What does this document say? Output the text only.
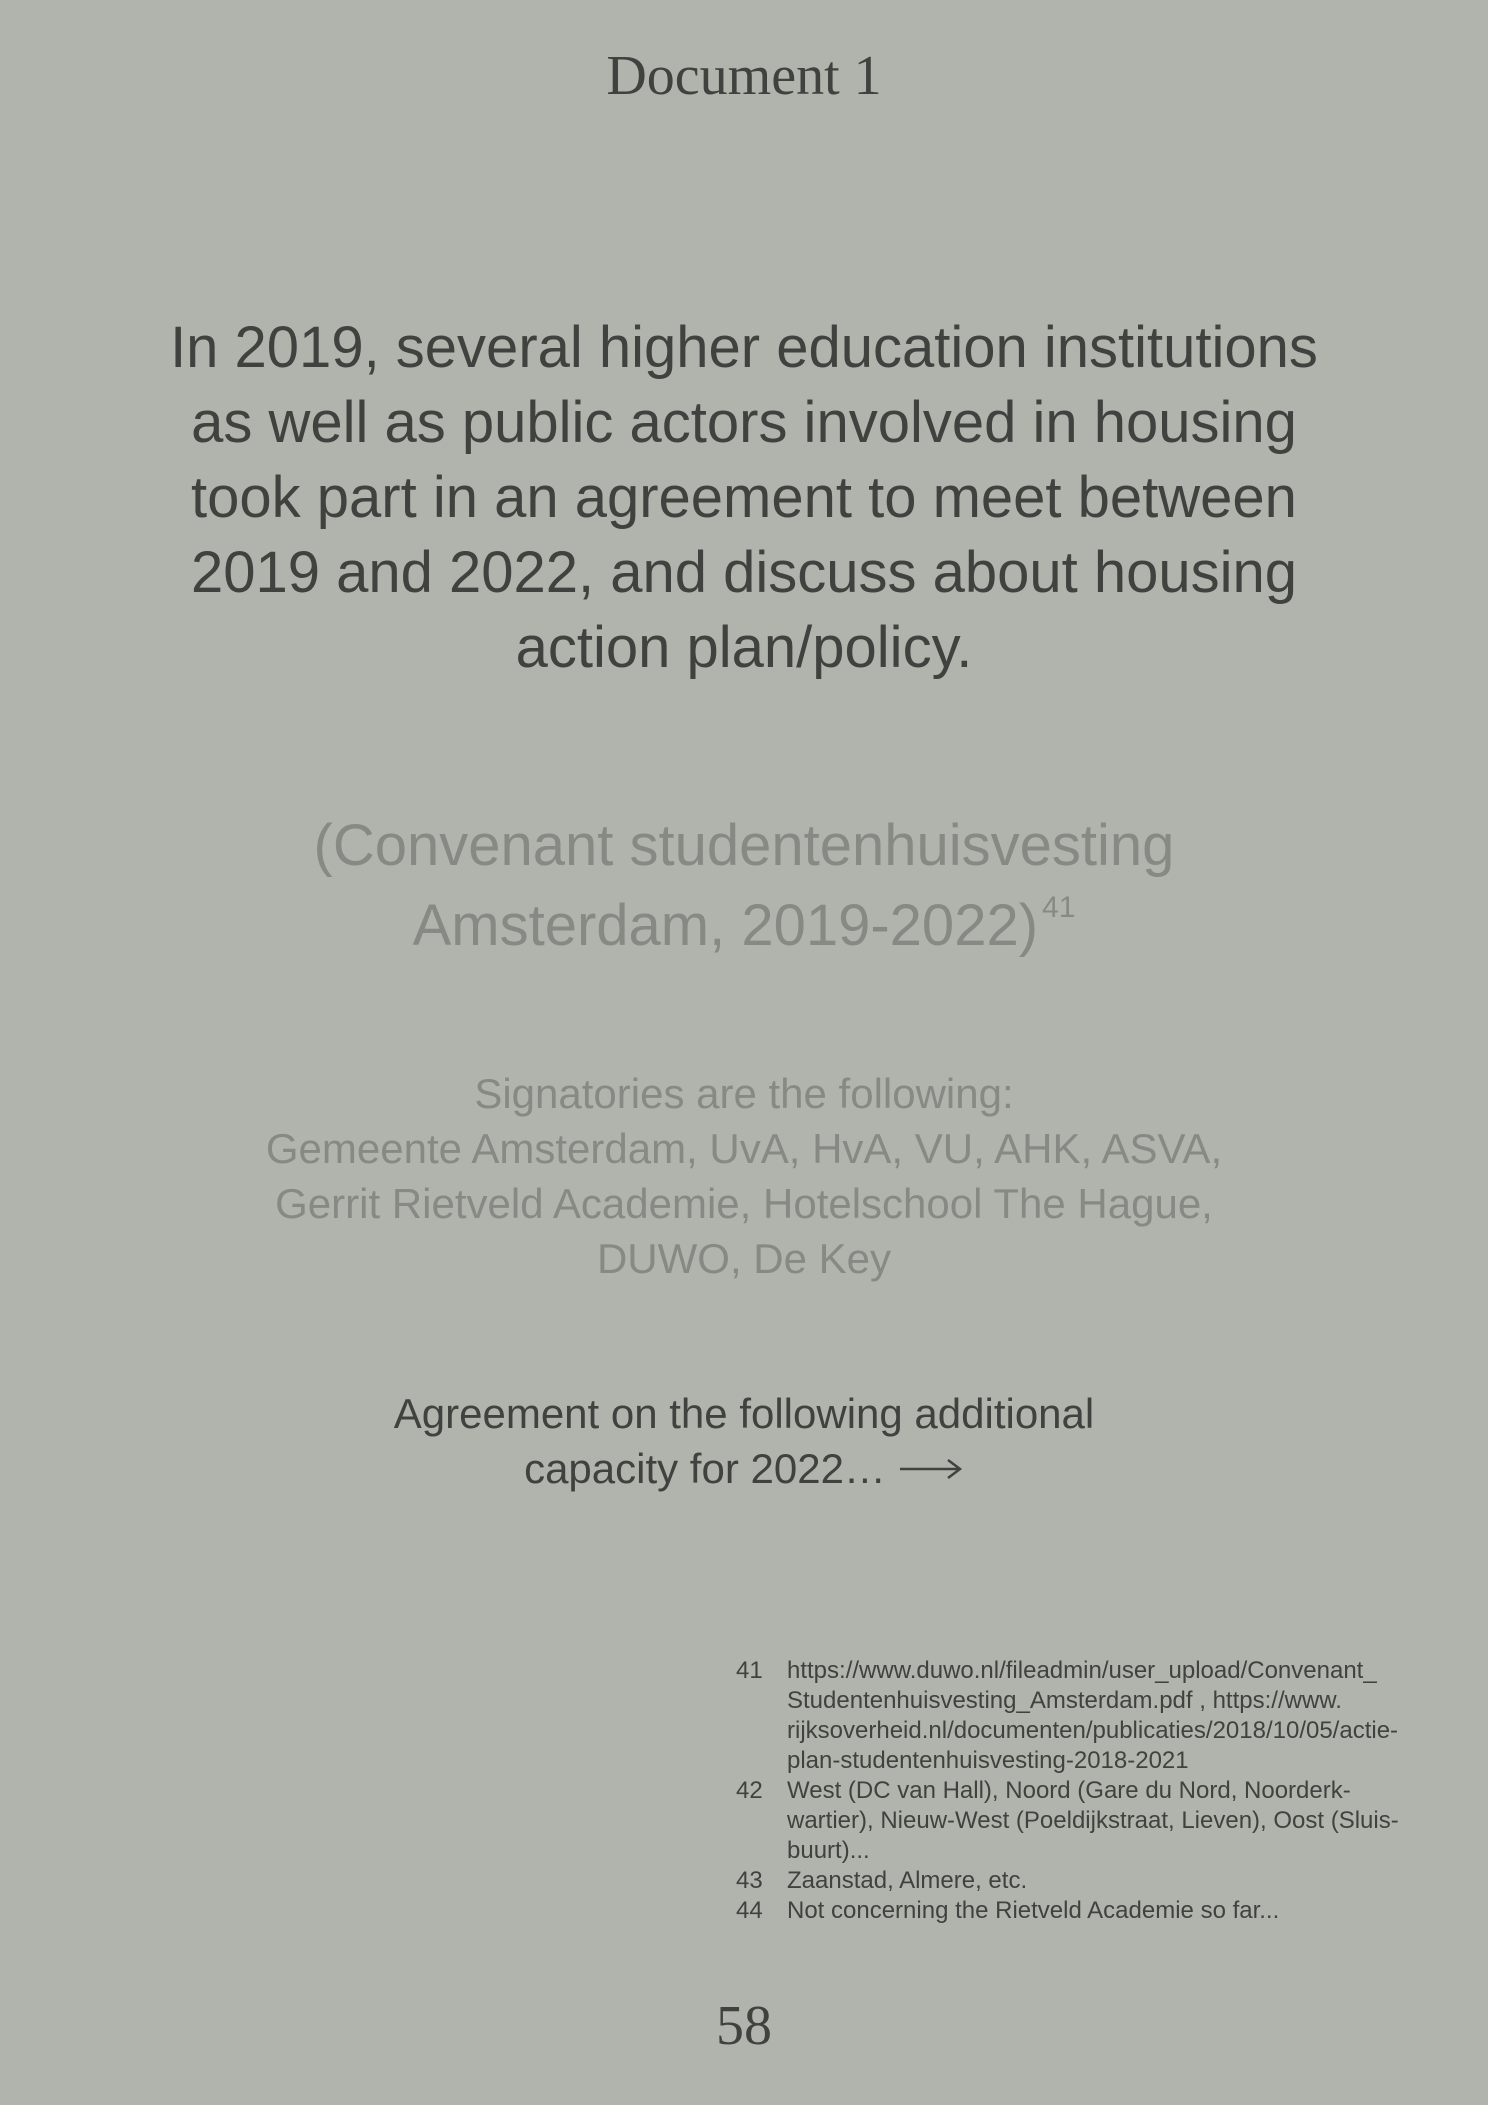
Document 1
In 2019, several higher education institutions
as well as public actors involved in housing
took part in an agreement to meet between
2019 and 2022, and discuss about housing
action plan/policy.
(Convenant studentenhuisvesting
Amsterdam, 2019-2022) $^{41}$
Signatories are the following:
Gemeente Amsterdam, UvA, HvA, VU, AHK, ASVA,
Gerrit Rietveld Academie, Hotelschool The Hague,
DUWO, De Key
Agreement on the following additional
capacity for 2022…
41	https://www.duwo.nl/fileadmin/user_upload/Convenant_
Studentenhuisvesting_Amsterdam.pdf , https://www.
rijksoverheid.nl/documenten/publicaties/2018/10/05/actie-
plan-studentenhuisvesting-2018-2021
42	West (DC van Hall), Noord (Gare du Nord, Noorderk-
wartier), Nieuw-West (Poeldijkstraat, Lieven), Oost (Sluis-
buurt)...
43	Zaanstad, Almere, etc.
44	Not concerning the Rietveld Academie so far...
58
